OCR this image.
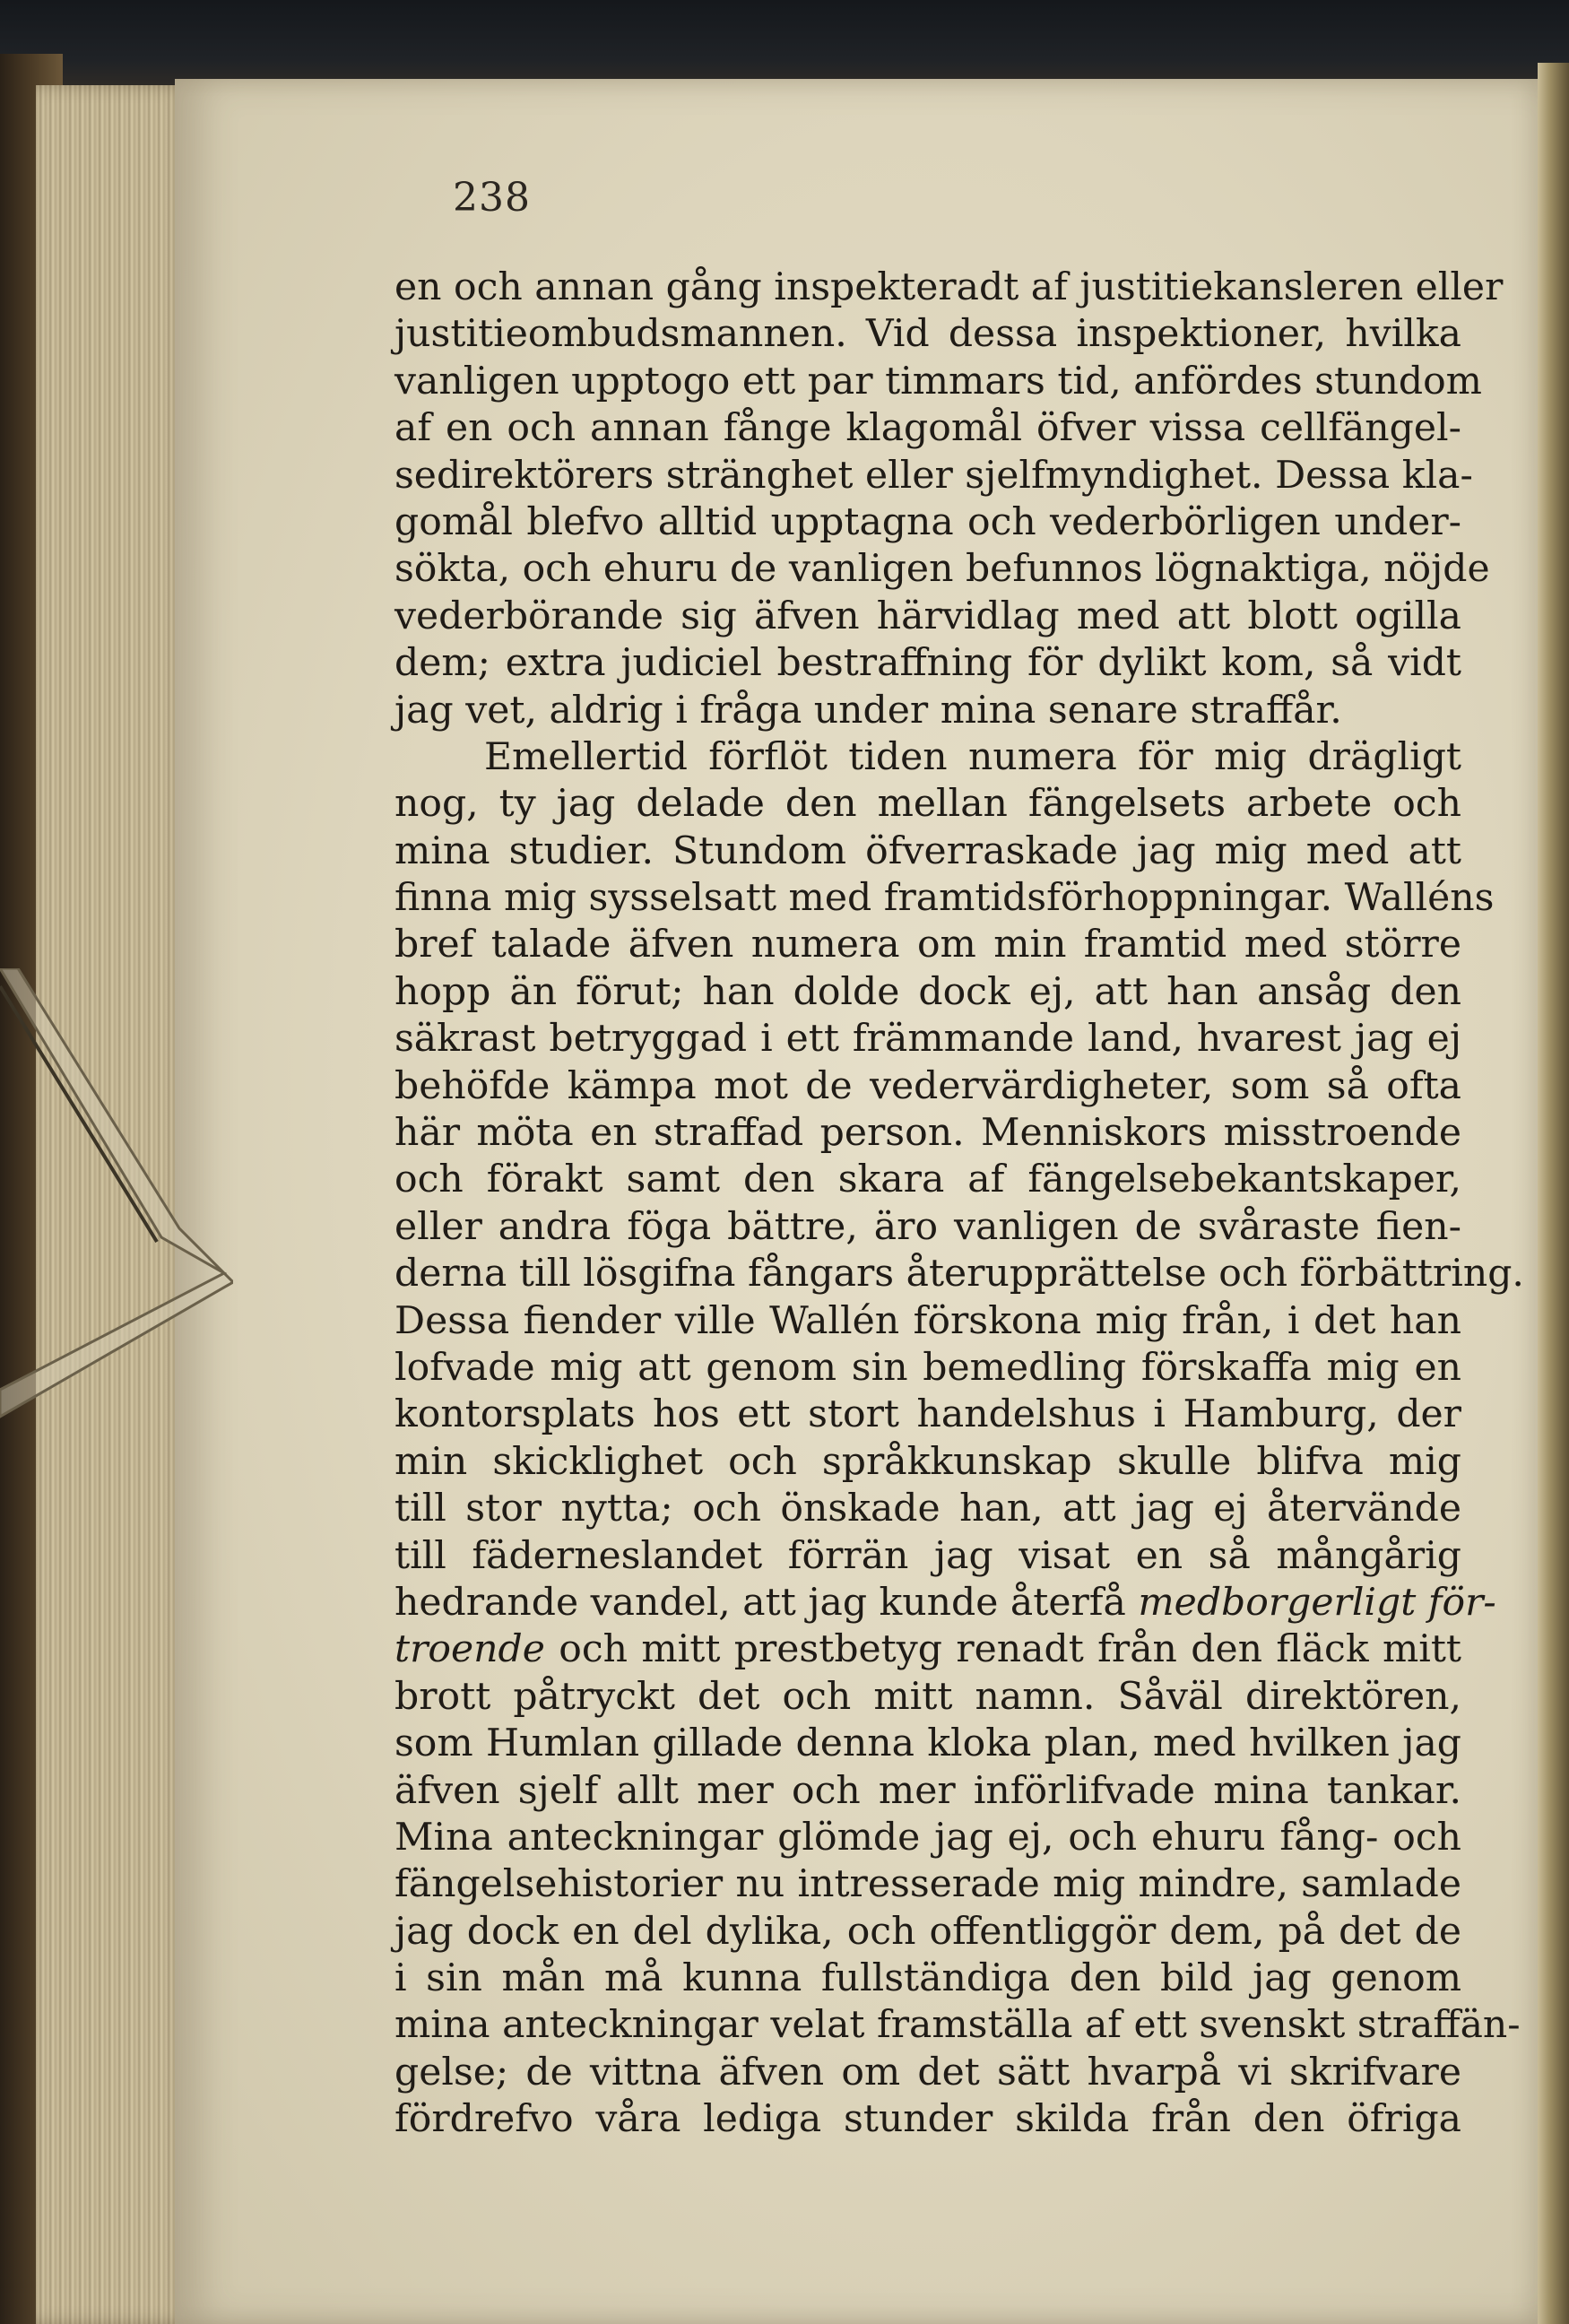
238
en och annan gång inspekteradt af justitiekansleren eller
justitieombudsmannen. Vid dessa inspektioner, hvilka
vanligen upptogo ett par timmars tid, anfördes stundom
af en och annan fånge klagomål öfver vissa cellfängel-
sedirektörers stränghet eller sjelfmyndighet. Dessa kla-
gomål blefvo alltid upptagna och vederbörligen under-
sökta, och ehuru de vanligen befunnos lögnaktiga, nöjde
vederbörande sig äfven härvidlag med att blott ogilla
dem; extra judiciel bestraffning för dylikt kom, så vidt
jag vet, aldrig i fråga under mina senare straffår.
Emellertid förflöt tiden numera för mig drägligt
nog, ty jag delade den mellan fängelsets arbete och
mina studier. Stundom öfverraskade jag mig med att
finna mig sysselsatt med framtidsförhoppningar. Walléns
bref talade äfven numera om min framtid med större
hopp än förut; han dolde dock ej, att han ansåg den
säkrast betryggad i ett främmande land, hvarest jag ej
behöfde kämpa mot de vedervärdigheter, som så ofta
här möta en straffad person. Menniskors misstroende
och förakt samt den skara af fängelsebekantskaper,
eller andra föga bättre, äro vanligen de svåraste fien-
derna till lösgifna fångars återupprättelse och förbättring.
Dessa fiender ville Wallén förskona mig från, i det han
lofvade mig att genom sin bemedling förskaffa mig en
kontorsplats hos ett stort handelshus i Hamburg, der
min skicklighet och språkkunskap skulle blifva mig
till stor nytta; och önskade han, att jag ej återvände
till fäderneslandet förrän jag visat en så mångårig
hedrande vandel, att jag kunde återfå medborgerligt för-
troende och mitt prestbetyg renadt från den fläck mitt
brott påtryckt det och mitt namn. Såväl direktören,
som Humlan gillade denna kloka plan, med hvilken jag
äfven sjelf allt mer och mer införlifvade mina tankar.
Mina anteckningar glömde jag ej, och ehuru fång- och
fängelsehistorier nu intresserade mig mindre, samlade
jag dock en del dylika, och offentliggör dem, på det de
i sin mån må kunna fullständiga den bild jag genom
mina anteckningar velat framställa af ett svenskt straffän-
gelse; de vittna äfven om det sätt hvarpå vi skrifvare
fördrefvo våra lediga stunder skilda från den öfriga
